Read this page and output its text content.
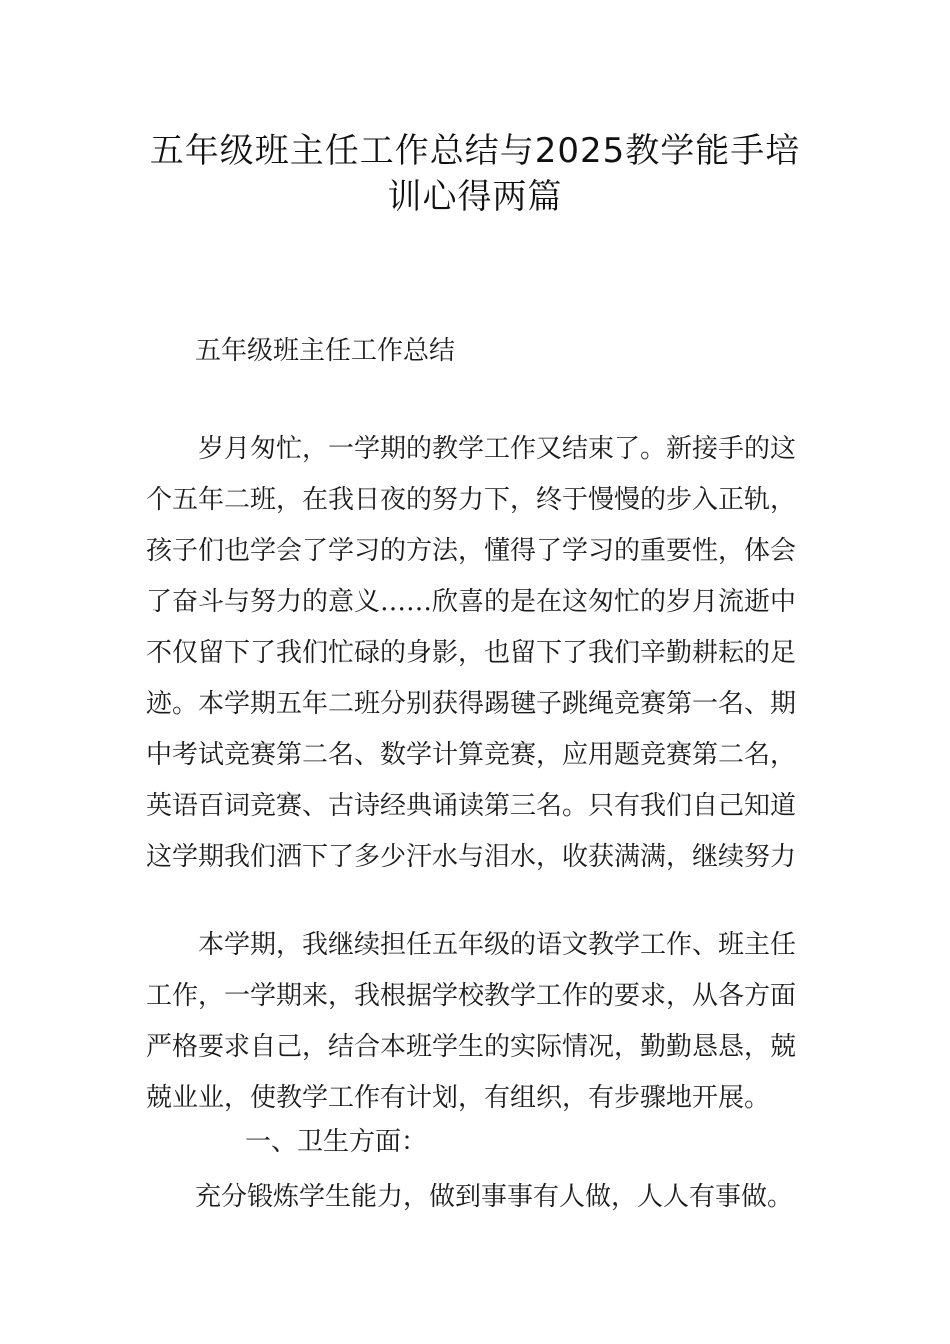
五年级班主任工作总结与2025教学能手培
训心得两篇
五年级班主任工作总结
岁月匆忙，一学期的教学工作又结束了。新接手的这
个五年二班，在我日夜的努力下，终于慢慢的步入正轨，
孩子们也学会了学习的方法，懂得了学习的重要性，体会
了奋斗与努力的意义……欣喜的是在这匆忙的岁月流逝中
不仅留下了我们忙碌的身影，也留下了我们辛勤耕耘的足
迹。本学期五年二班分别获得踢毽子跳绳竞赛第一名、期
中考试竞赛第二名、数学计算竞赛，应用题竞赛第二名，
英语百词竞赛、古诗经典诵读第三名。只有我们自己知道
这学期我们洒下了多少汗水与泪水，收获满满，继续努力
本学期，我继续担任五年级的语文教学工作、班主任
工作，一学期来，我根据学校教学工作的要求，从各方面
严格要求自己，结合本班学生的实际情况，勤勤恳恳，兢
兢业业，使教学工作有计划，有组织，有步骤地开展。
一、卫生方面：
充分锻炼学生能力，做到事事有人做，人人有事做。
